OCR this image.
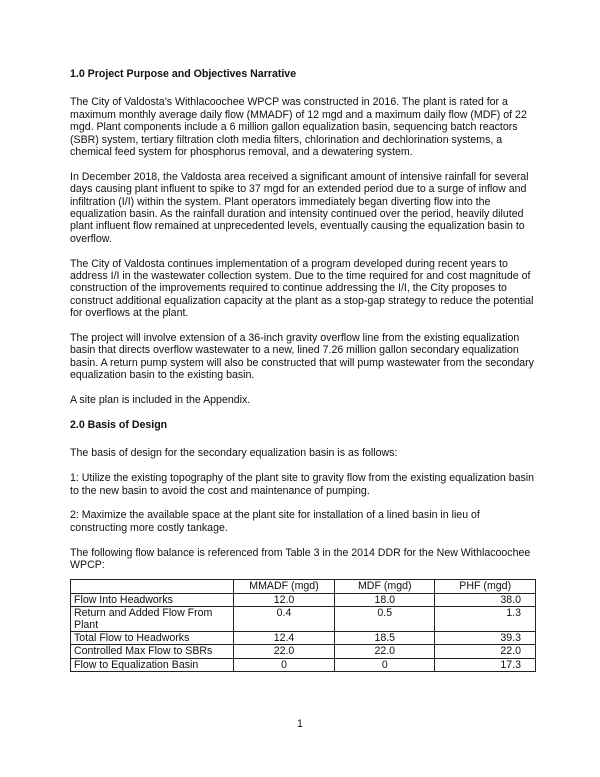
1.0 Project Purpose and Objectives Narrative

The City of Valdosta’s Withlacoochee WPCP was constructed in 2016. The plant is rated for a maximum monthly average daily flow (MMADF) of 12 mgd and a maximum daily flow (MDF) of 22 mgd. Plant components include a 6 million gallon equalization basin, sequencing batch reactors (SBR) system, tertiary filtration cloth media filters, chlorination and dechlorination systems, a chemical feed system for phosphorus removal, and a dewatering system.

In December 2018, the Valdosta area received a significant amount of intensive rainfall for several days causing plant influent to spike to 37 mgd for an extended period due to a surge of inflow and infiltration (I/I) within the system. Plant operators immediately began diverting flow into the equalization basin. As the rainfall duration and intensity continued over the period, heavily diluted plant influent flow remained at unprecedented levels, eventually causing the equalization basin to overflow.

The City of Valdosta continues implementation of a program developed during recent years to address I/I in the wastewater collection system. Due to the time required for and cost magnitude of construction of the improvements required to continue addressing the I/I, the City proposes to construct additional equalization capacity at the plant as a stop-gap strategy to reduce the potential for overflows at the plant.

The project will involve extension of a 36-inch gravity overflow line from the existing equalization basin that directs overflow wastewater to a new, lined 7.26 million gallon secondary equalization basin. A return pump system will also be constructed that will pump wastewater from the secondary equalization basin to the existing basin.

A site plan is included in the Appendix.

2.0 Basis of Design

The basis of design for the secondary equalization basin is as follows:

1: Utilize the existing topography of the plant site to gravity flow from the existing equalization basin to the new basin to avoid the cost and maintenance of pumping.

2: Maximize the available space at the plant site for installation of a lined basin in lieu of constructing more costly tankage.

The following flow balance is referenced from Table 3 in the 2014 DDR for the New Withlacoochee WPCP:

	MMADF (mgd)	MDF (mgd)	PHF (mgd)
Flow Into Headworks	12.0	18.0	38.0
Return and Added Flow From Plant	0.4	0.5	1.3
Total Flow to Headworks	12.4	18.5	39.3
Controlled Max Flow to SBRs	22.0	22.0	22.0
Flow to Equalization Basin	0	0	17.3
1
